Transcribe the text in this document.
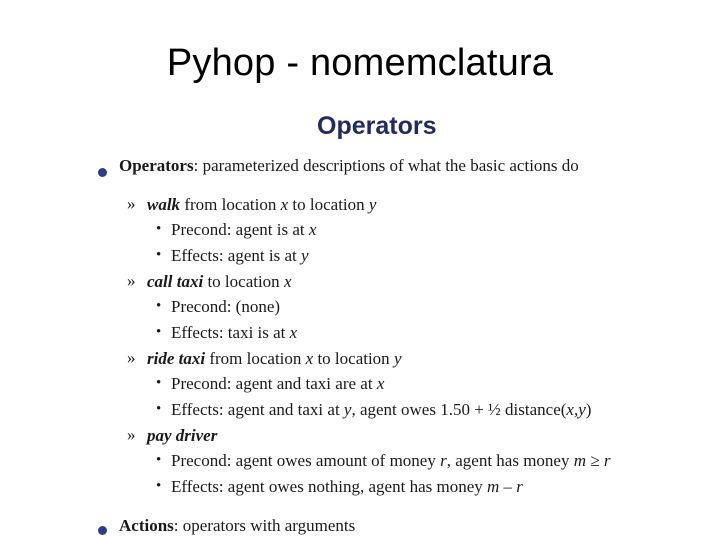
Pyhop - nomemclatura
Operators
Operators: parameterized descriptions of what the basic actions do
» walk from location x to location y
• Precond: agent is at x
• Effects: agent is at y
» call taxi to location x
• Precond: (none)
• Effects: taxi is at x
» ride taxi from location x to location y
• Precond: agent and taxi are at x
• Effects: agent and taxi at y, agent owes 1.50 + ½ distance(x,y)
» pay driver
• Precond: agent owes amount of money r, agent has money m ≥ r
• Effects: agent owes nothing, agent has money m – r
Actions: operators with arguments
